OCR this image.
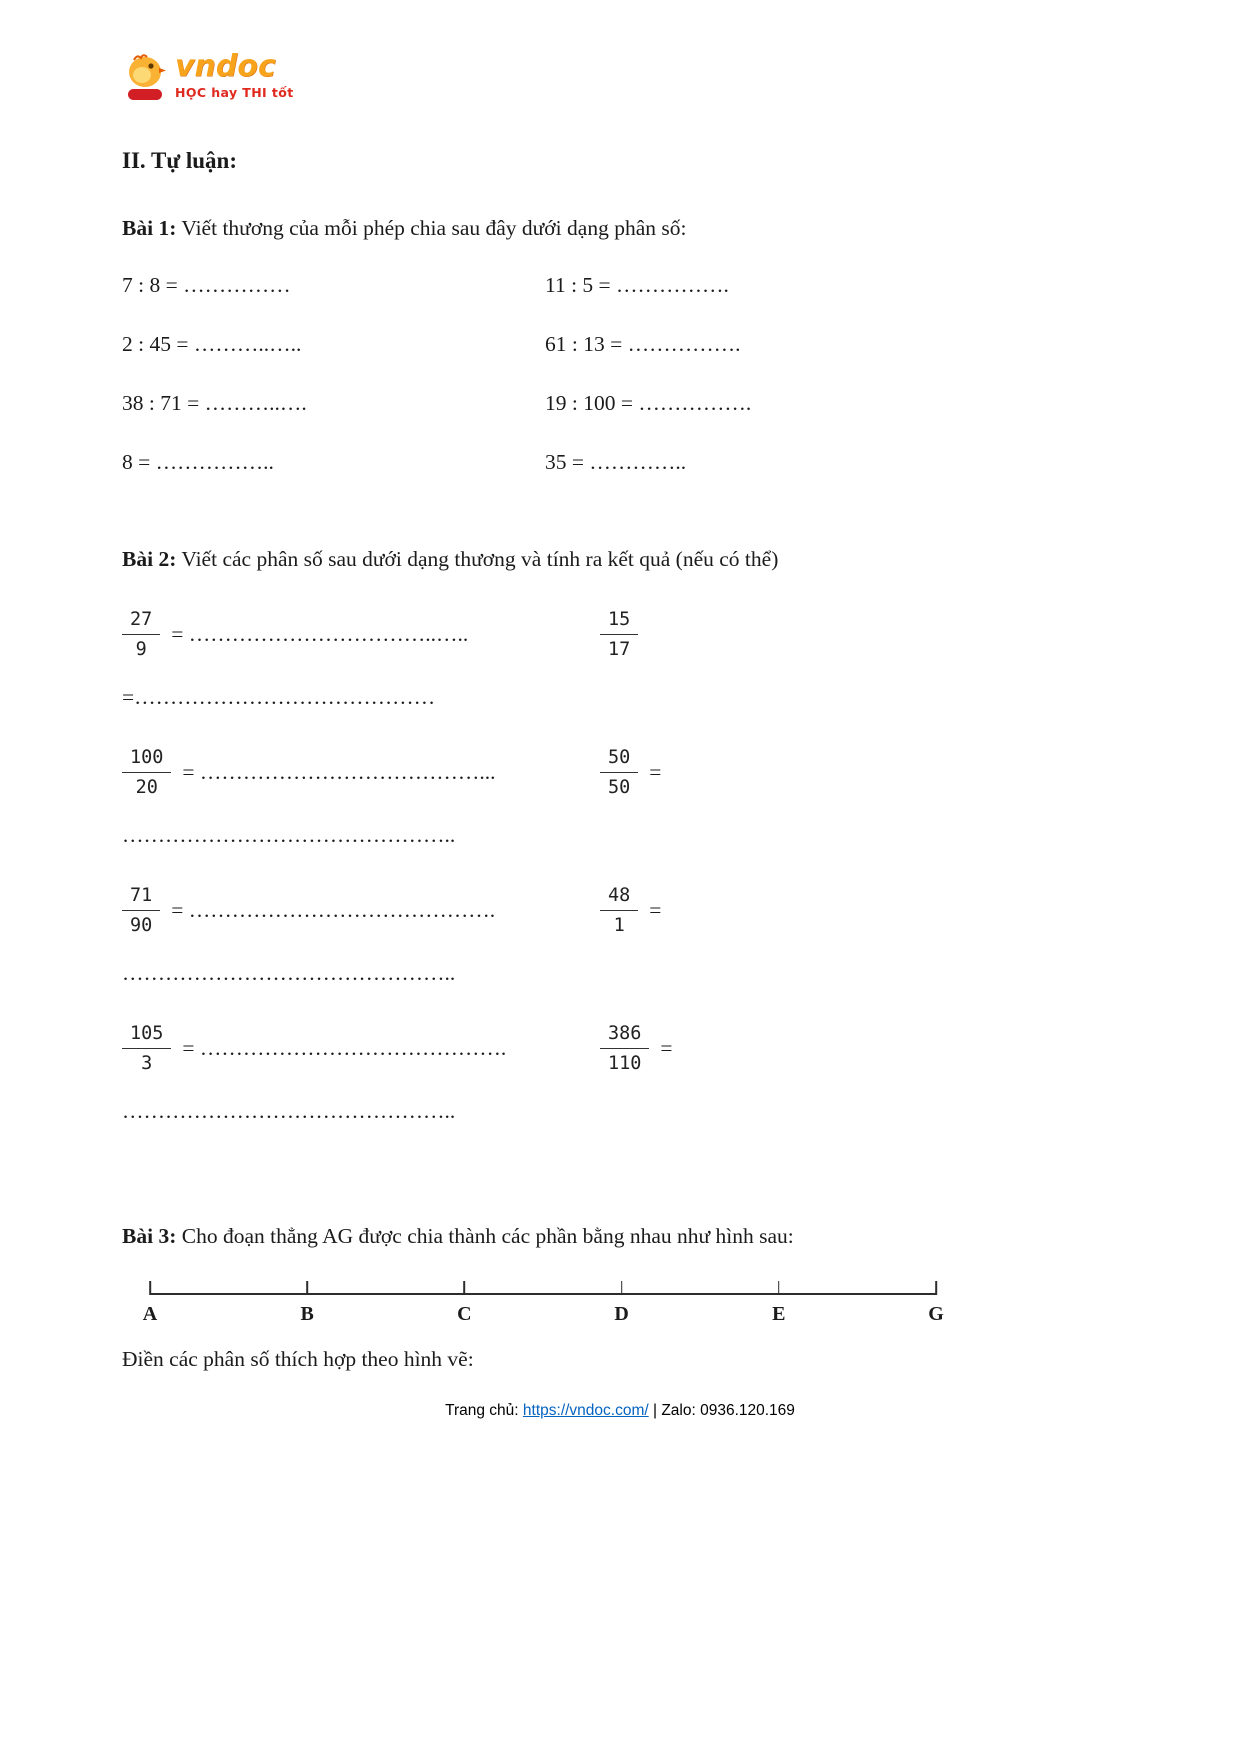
vndoc
HỌC hay THI tốt
II. Tự luận:

Bài 1: Viết thương của mỗi phép chia sau đây dưới dạng phân số:

7 : 8 = ……………	11 : 5 = …………….

2 : 45 = ………..…..	61 : 13 = …………….

38 : 71 = ………..….	19 : 100 = …………….

8 = ……………..	35 = …………..

Bài 2: Viết các phân số sau dưới dạng thương và tính ra kết quả (nếu có thể)

$\frac{27}{9}$ = ……………………………..…..	$\frac{15}{17}$

=……………………………………

$\frac{100}{20}$ = …………………………………...	$\frac{50}{50}$ =

………………………………………..

$\frac{71}{90}$ = …………………………………….	$\frac{48}{1}$ =

………………………………………..

$\frac{105}{3}$ = …………………………………….	$\frac{386}{110}$ =

………………………………………..

Bài 3: Cho đoạn thẳng AG được chia thành các phần bằng nhau như hình sau:

A	B	C	D	E	G

Điền các phân số thích hợp theo hình vẽ:

Trang chủ: https://vndoc.com/ | Zalo: 0936.120.169
